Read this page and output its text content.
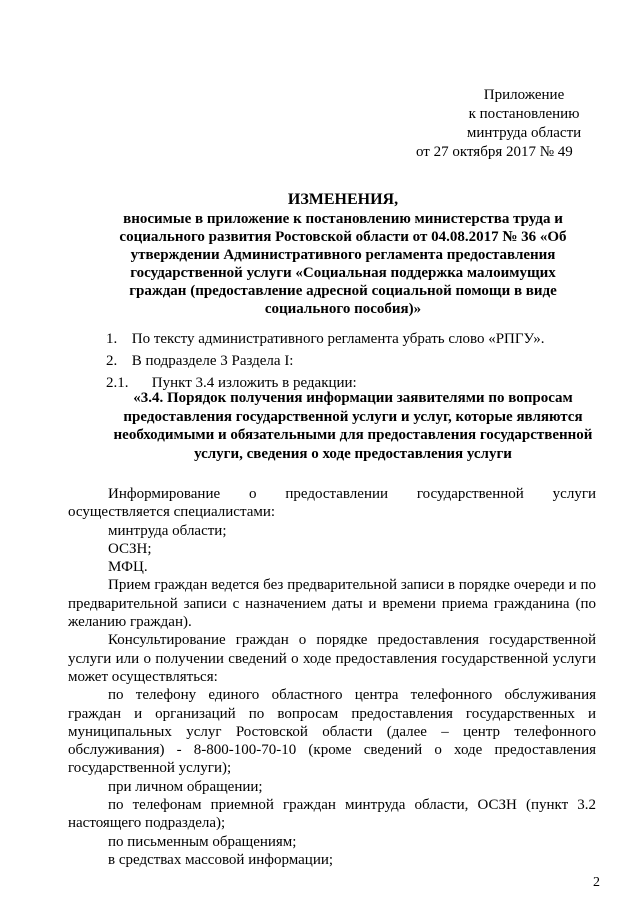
Приложение
к постановлению
минтруда области
от 27 октября 2017 № 49
ИЗМЕНЕНИЯ,
вносимые в приложение к постановлению министерства труда и социального развития Ростовской области от 04.08.2017 № 36 «Об утверждении Административного регламента предоставления государственной услуги «Социальная поддержка малоимущих граждан (предоставление адресной социальной помощи в виде социального пособия)»
1. По тексту административного регламента убрать слово «РПГУ».
2. В подразделе 3 Раздела I:
2.1. Пункт 3.4 изложить в редакции:
«3.4. Порядок получения информации заявителями по вопросам предоставления государственной услуги и услуг, которые являются необходимыми и обязательными для предоставления государственной услуги, сведения о ходе предоставления услуги

Информирование о предоставлении государственной услуги осуществляется специалистами:

минтруда области;

ОСЗН;

МФЦ.

Прием граждан ведется без предварительной записи в порядке очереди и по предварительной записи с назначением даты и времени приема гражданина (по желанию граждан).

Консультирование граждан о порядке предоставления государственной услуги или о получении сведений о ходе предоставления государственной услуги может осуществляться:

по телефону единого областного центра телефонного обслуживания граждан и организаций по вопросам предоставления государственных и муниципальных услуг Ростовской области (далее – центр телефонного обслуживания) - 8-800-100-70-10 (кроме сведений о ходе предоставления государственной услуги);

при личном обращении;

по телефонам приемной граждан минтруда области, ОСЗН (пункт 3.2 настоящего подраздела);

по письменным обращениям;

в средствах массовой информации;

2
